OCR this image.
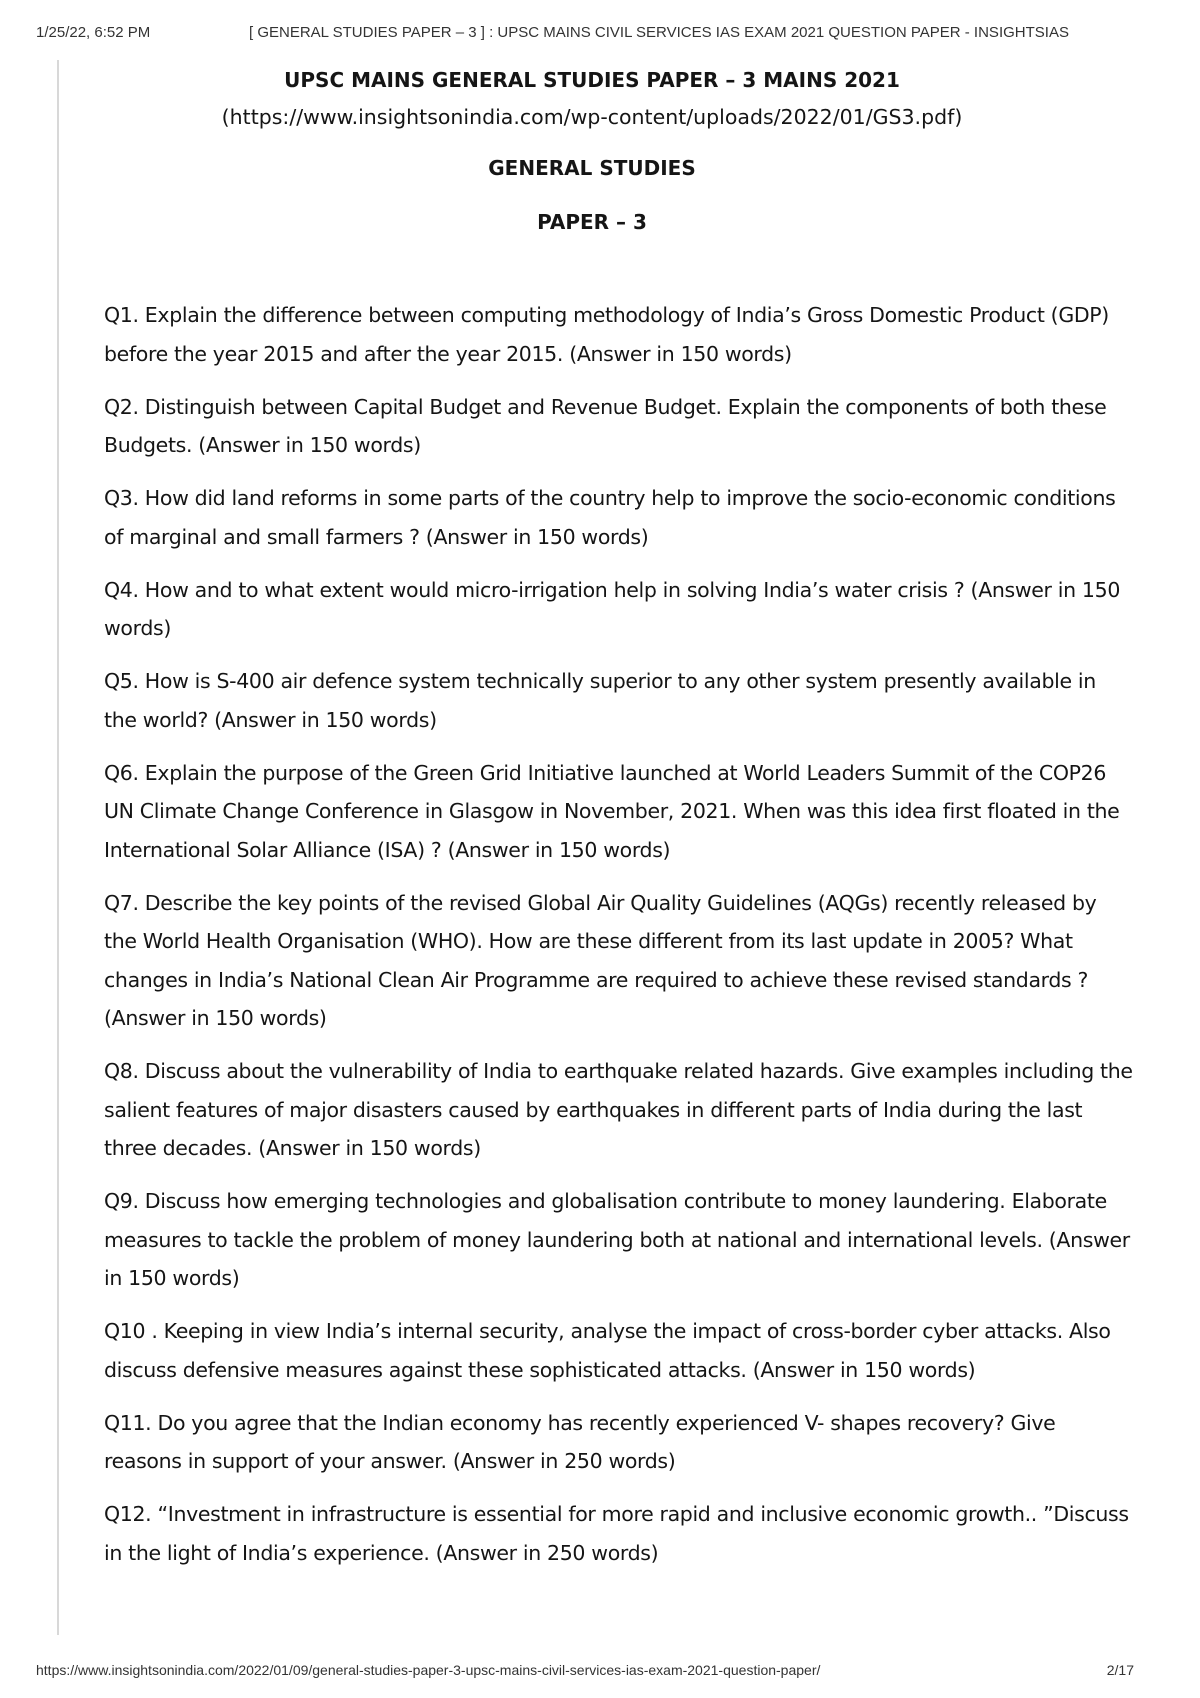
1/25/22, 6:52 PM	[ GENERAL STUDIES PAPER – 3 ] : UPSC MAINS CIVIL SERVICES IAS EXAM 2021 QUESTION PAPER - INSIGHTSIAS
UPSC MAINS GENERAL STUDIES PAPER – 3 MAINS 2021

(https://www.insightsonindia.com/wp-content/uploads/2022/01/GS3.pdf)

GENERAL STUDIES
PAPER – 3
Q1. Explain the difference between computing methodology of India’s Gross Domestic Product (GDP) before the year 2015 and after the year 2015. (Answer in 150 words)
Q2. Distinguish between Capital Budget and Revenue Budget. Explain the components of both these Budgets. (Answer in 150 words)
Q3. How did land reforms in some parts of the country help to improve the socio-economic conditions of marginal and small farmers ? (Answer in 150 words)
Q4. How and to what extent would micro-irrigation help in solving India’s water crisis ? (Answer in 150 words)
Q5. How is S-400 air defence system technically superior to any other system presently available in the world? (Answer in 150 words)
Q6. Explain the purpose of the Green Grid Initiative launched at World Leaders Summit of the COP26 UN Climate Change Conference in Glasgow in November, 2021. When was this idea first floated in the International Solar Alliance (ISA) ? (Answer in 150 words)
Q7. Describe the key points of the revised Global Air Quality Guidelines (AQGs) recently released by the World Health Organisation (WHO). How are these different from its last update in 2005? What changes in India’s National Clean Air Programme are required to achieve these revised standards ? (Answer in 150 words)
Q8. Discuss about the vulnerability of India to earthquake related hazards. Give examples including the salient features of major disasters caused by earthquakes in different parts of India during the last three decades. (Answer in 150 words)
Q9. Discuss how emerging technologies and globalisation contribute to money laundering. Elaborate measures to tackle the problem of money laundering both at national and international levels. (Answer in 150 words)
Q10 . Keeping in view India’s internal security, analyse the impact of cross-border cyber attacks. Also discuss defensive measures against these sophisticated attacks. (Answer in 150 words)
Q11. Do you agree that the Indian economy has recently experienced V- shapes recovery? Give reasons in support of your answer. (Answer in 250 words)
Q12. “Investment in infrastructure is essential for more rapid and inclusive economic growth.. ”Discuss in the light of India’s experience. (Answer in 250 words)
https://www.insightsonindia.com/2022/01/09/general-studies-paper-3-upsc-mains-civil-services-ias-exam-2021-question-paper/	2/17
